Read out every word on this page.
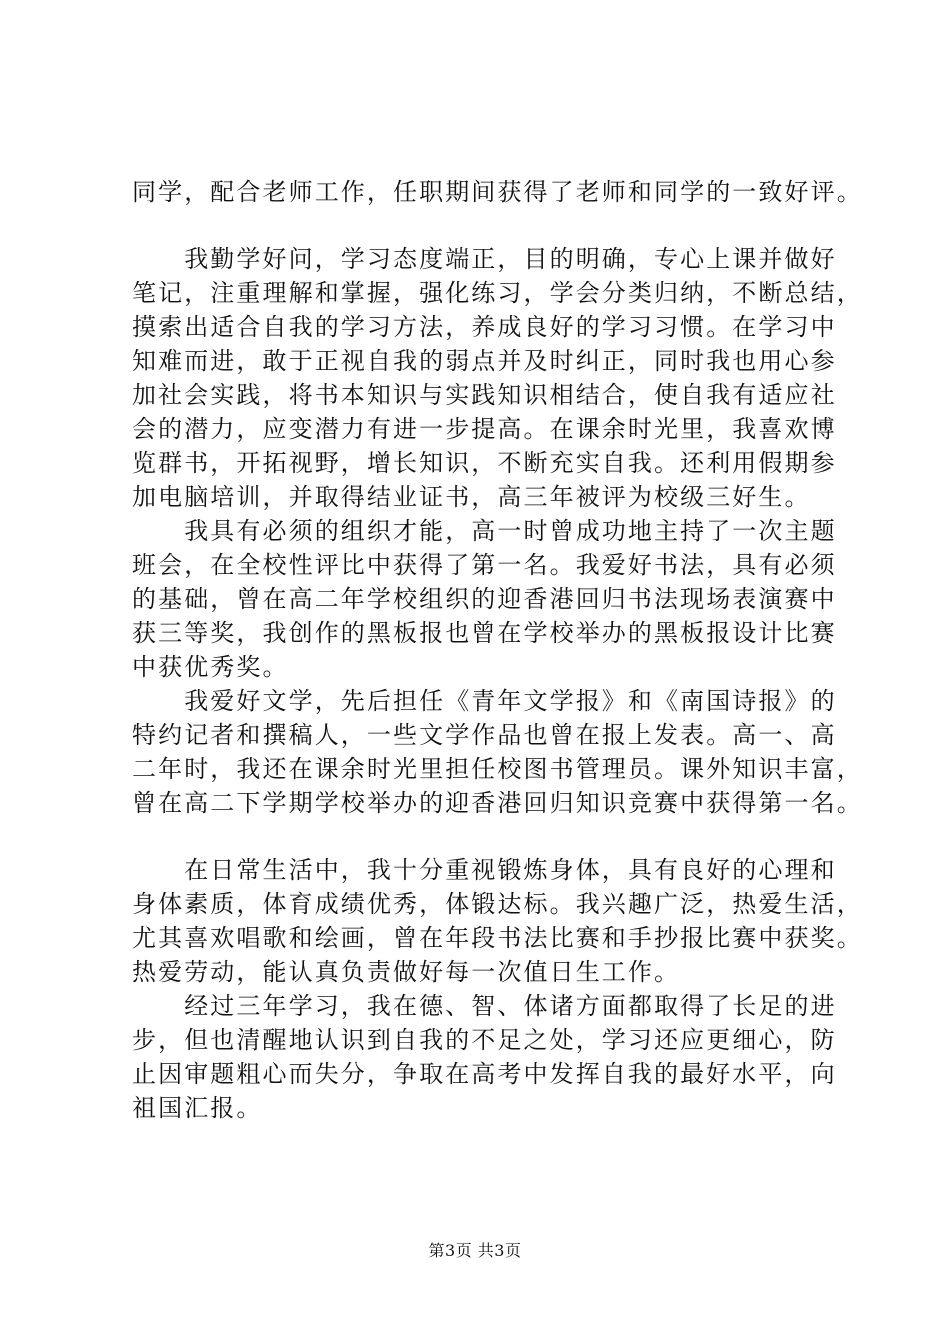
同学，配合老师工作，任职期间获得了老师和同学的一致好评。
　　我勤学好问，学习态度端正，目的明确，专心上课并做好
笔记，注重理解和掌握，强化练习，学会分类归纳，不断总结，
摸索出适合自我的学习方法，养成良好的学习习惯。在学习中
知难而进，敢于正视自我的弱点并及时纠正，同时我也用心参
加社会实践，将书本知识与实践知识相结合，使自我有适应社
会的潜力，应变潜力有进一步提高。在课余时光里，我喜欢博
览群书，开拓视野，增长知识，不断充实自我。还利用假期参
加电脑培训，并取得结业证书，高三年被评为校级三好生。
　　我具有必须的组织才能，高一时曾成功地主持了一次主题
班会，在全校性评比中获得了第一名。我爱好书法，具有必须
的基础，曾在高二年学校组织的迎香港回归书法现场表演赛中
获三等奖，我创作的黑板报也曾在学校举办的黑板报设计比赛
中获优秀奖。
　　我爱好文学，先后担任《青年文学报》和《南国诗报》的
特约记者和撰稿人，一些文学作品也曾在报上发表。高一、高
二年时，我还在课余时光里担任校图书管理员。课外知识丰富，
曾在高二下学期学校举办的迎香港回归知识竞赛中获得第一名。
　　在日常生活中，我十分重视锻炼身体，具有良好的心理和
身体素质，体育成绩优秀，体锻达标。我兴趣广泛，热爱生活，
尤其喜欢唱歌和绘画，曾在年段书法比赛和手抄报比赛中获奖。
热爱劳动，能认真负责做好每一次值日生工作。
　　经过三年学习，我在德、智、体诸方面都取得了长足的进
步，但也清醒地认识到自我的不足之处，学习还应更细心，防
止因审题粗心而失分，争取在高考中发挥自我的最好水平，向
祖国汇报。
第3页 共3页
